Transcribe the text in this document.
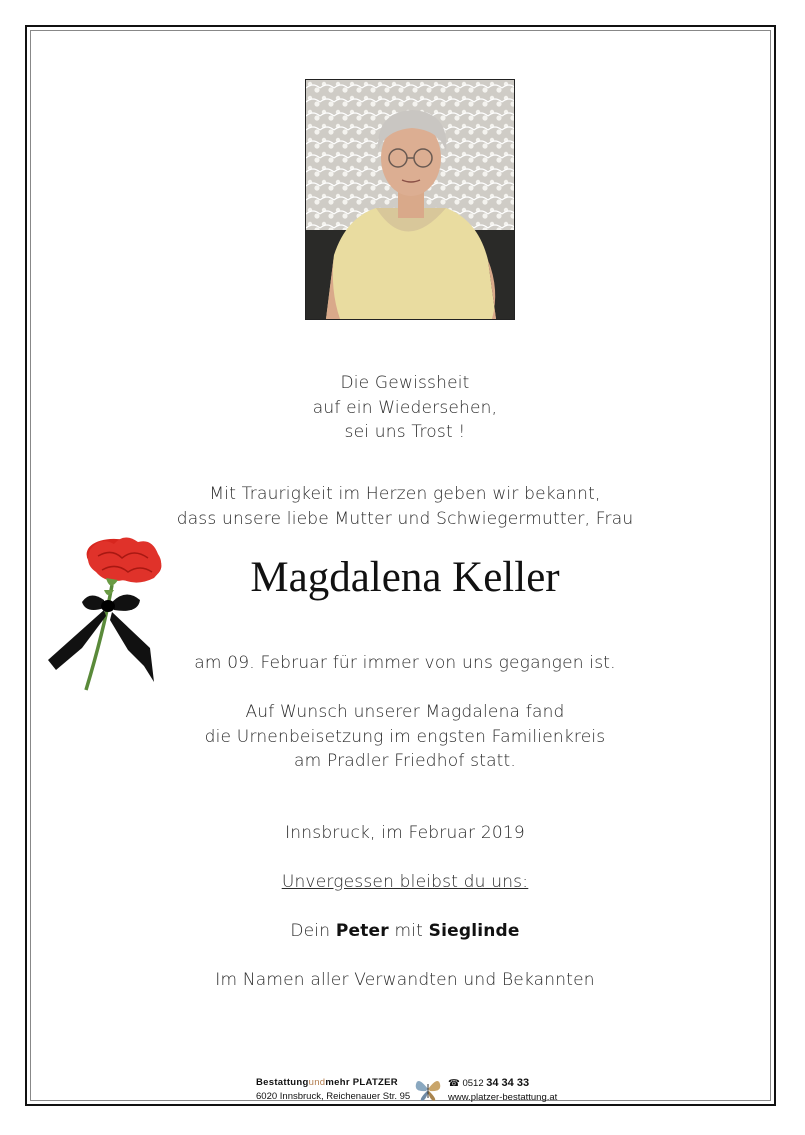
Die Gewissheit
auf ein Wiedersehen,
sei uns Trost !
Mit Traurigkeit im Herzen geben wir bekannt,
dass unsere liebe Mutter und Schwiegermutter, Frau
Magdalena Keller
am 09. Februar für immer von uns gegangen ist.
Auf Wunsch unserer Magdalena fand
die Urnenbeisetzung im engsten Familienkreis
am Pradler Friedhof statt.
Innsbruck, im Februar 2019
Unvergessen bleibst du uns:
Dein Peter mit Sieglinde
Im Namen aller Verwandten und Bekannten
Bestattungundmehr PLATZER
6020 Innsbruck, Reichenauer Str. 95
☎ 0512 34 34 33
www.platzer-bestattung.at
